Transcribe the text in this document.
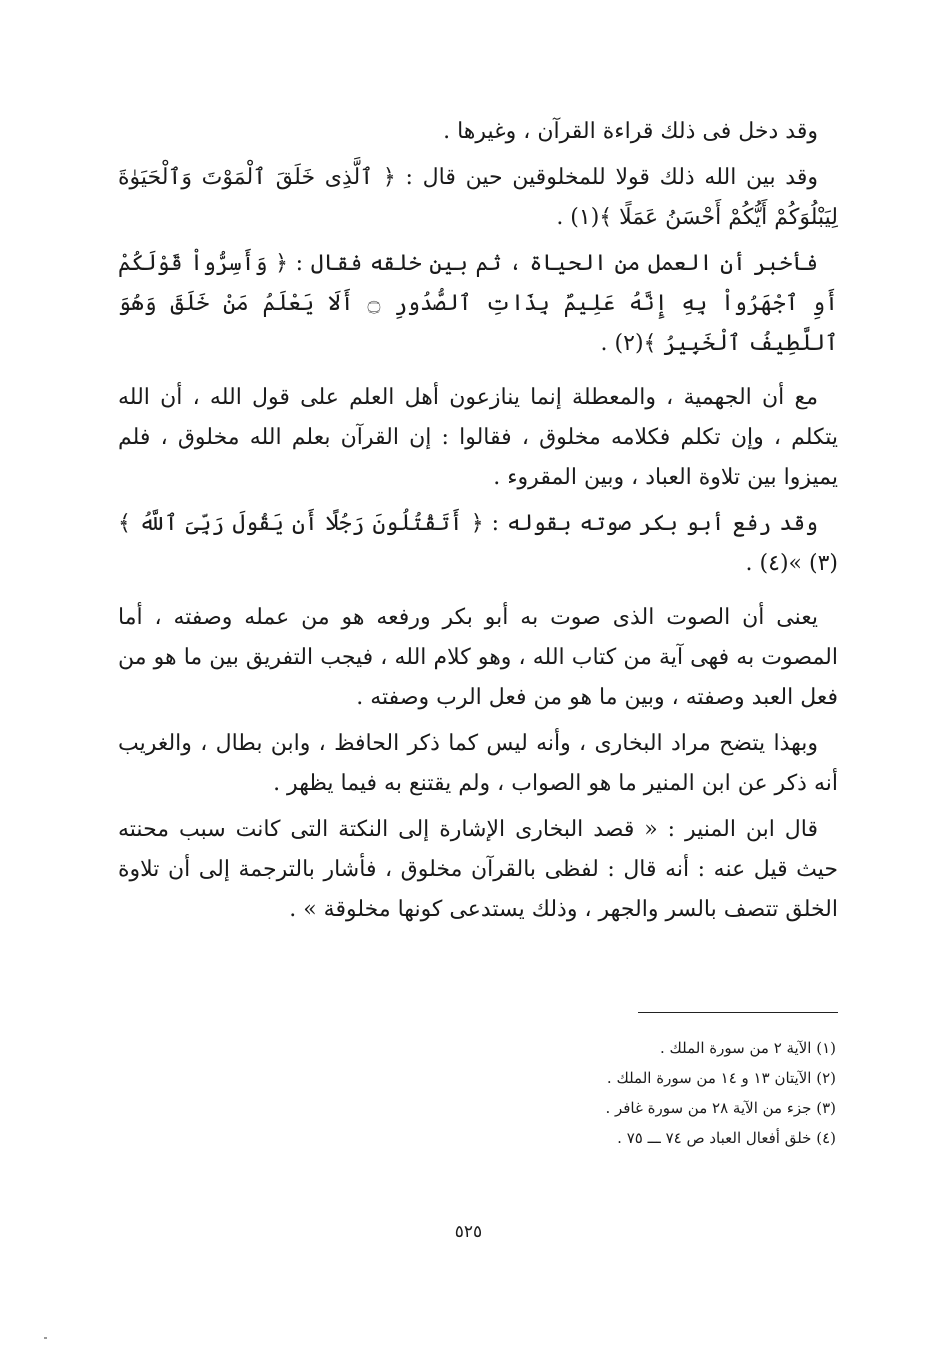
وقد دخل فى ذلك قراءة القرآن ، وغيرها .

وقد بين الله ذلك قولا للمخلوقين حين قال : ﴿ ٱلَّذِى خَلَقَ ٱلْمَوْتَ وَٱلْحَيَوٰةَ لِيَبْلُوَكُمْ أَيُّكُمْ أَحْسَنُ عَمَلًا ﴾(١) .

فأخبر أن العمل من الحياة ، ثم بين خلقه فقال : ﴿ وَأَسِرُّواْ قَوْلَكُمْ أَوِ ٱجْهَرُواْ بِهِ إِنَّهُ عَلِيمٌ بِذَاتِ ٱلصُّدُورِ ۝ أَلَا يَعْلَمُ مَنْ خَلَقَ وَهُوَ ٱللَّطِيفُ ٱلْخَبِيرُ ﴾(٢) .

مع أن الجهمية ، والمعطلة إنما ينازعون أهل العلم على قول الله ، أن الله يتكلم ، وإن تكلم فكلامه مخلوق ، فقالوا : إن القرآن بعلم الله مخلوق ، فلم يميزوا بين تلاوة العباد ، وبين المقروء .

وقد رفع أبو بكر صوته بقوله : ﴿ أَتَقْتُلُونَ رَجُلًا أَن يَقُولَ رَبِّىَ ٱللَّهُ ﴾(٣) »(٤) .

يعنى أن الصوت الذى صوت به أبو بكر ورفعه هو من عمله وصفته ، أما المصوت به فهى آية من كتاب الله ، وهو كلام الله ، فيجب التفريق بين ما هو من فعل العبد وصفته ، وبين ما هو من فعل الرب وصفته .

وبهذا يتضح مراد البخارى ، وأنه ليس كما ذكر الحافظ ، وابن بطال ، والغريب أنه ذكر عن ابن المنير ما هو الصواب ، ولم يقتنع به فيما يظهر .

قال ابن المنير : « قصد البخارى الإشارة إلى النكتة التى كانت سبب محنته حيث قيل عنه : أنه قال : لفظى بالقرآن مخلوق ، فأشار بالترجمة إلى أن تلاوة الخلق تتصف بالسر والجهر ، وذلك يستدعى كونها مخلوقة » .

(١) الآية ٢ من سورة الملك .
(٢) الآيتان ١٣ و ١٤ من سورة الملك .
(٣) جزء من الآية ٢٨ من سورة غافر .
(٤) خلق أفعال العباد ص ٧٤ ـــ ٧٥ .
٥٢٥
